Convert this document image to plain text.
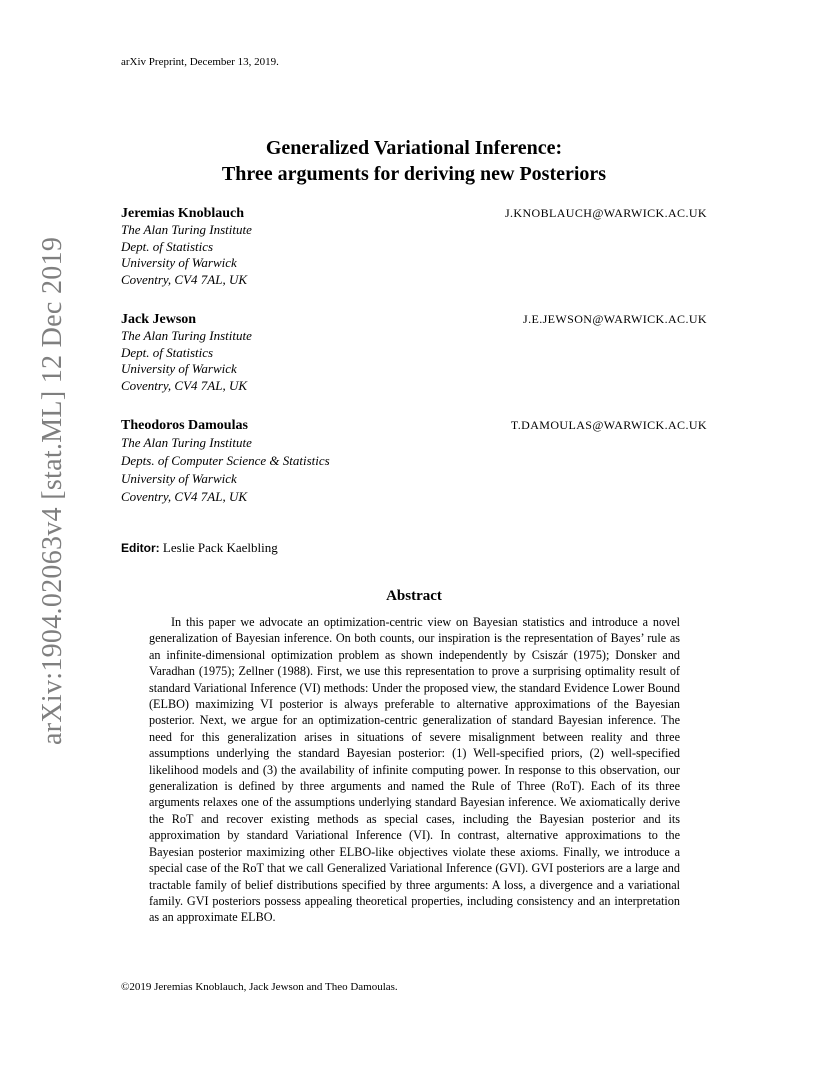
arXiv Preprint, December 13, 2019.
arXiv:1904.02063v4 [stat.ML] 12 Dec 2019
Generalized Variational Inference:
Three arguments for deriving new Posteriors
Jeremias Knoblauch	J.KNOBLAUCH@WARWICK.AC.UK
The Alan Turing Institute
Dept. of Statistics
University of Warwick
Coventry, CV4 7AL, UK
Jack Jewson	J.E.JEWSON@WARWICK.AC.UK
The Alan Turing Institute
Dept. of Statistics
University of Warwick
Coventry, CV4 7AL, UK
Theodoros Damoulas	T.DAMOULAS@WARWICK.AC.UK
The Alan Turing Institute
Depts. of Computer Science & Statistics
University of Warwick
Coventry, CV4 7AL, UK
Editor: Leslie Pack Kaelbling
Abstract

In this paper we advocate an optimization-centric view on Bayesian statistics and introduce a novel generalization of Bayesian inference. On both counts, our inspiration is the representation of Bayes’ rule as an infinite-dimensional optimization problem as shown independently by Csiszár (1975); Donsker and Varadhan (1975); Zellner (1988). First, we use this representation to prove a surprising optimality result of standard Variational Inference (VI) methods: Under the proposed view, the standard Evidence Lower Bound (ELBO) maximizing VI posterior is always preferable to alternative approximations of the Bayesian posterior. Next, we argue for an optimization-centric generalization of standard Bayesian inference. The need for this generalization arises in situations of severe misalignment between reality and three assumptions underlying the standard Bayesian posterior: (1) Well-specified priors, (2) well-specified likelihood models and (3) the availability of infinite computing power. In response to this observation, our generalization is defined by three arguments and named the Rule of Three (RoT). Each of its three arguments relaxes one of the assumptions underlying standard Bayesian inference. We axiomatically derive the RoT and recover existing methods as special cases, including the Bayesian posterior and its approximation by standard Variational Inference (VI). In contrast, alternative approximations to the Bayesian posterior maximizing other ELBO-like objectives violate these axioms. Finally, we introduce a special case of the RoT that we call Generalized Variational Inference (GVI). GVI posteriors are a large and tractable family of belief distributions specified by three arguments: A loss, a divergence and a variational family. GVI posteriors possess appealing theoretical properties, including consistency and an interpretation as an approximate ELBO.

©2019 Jeremias Knoblauch, Jack Jewson and Theo Damoulas.
